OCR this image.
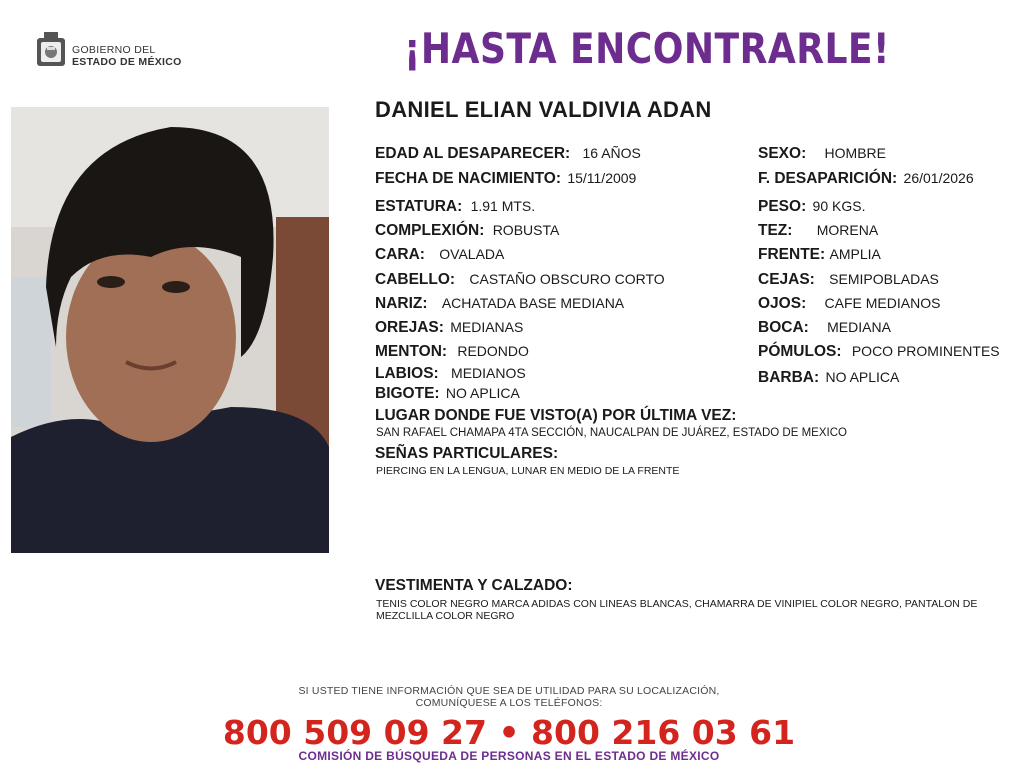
GOBIERNO DEL
ESTADO DE MÉXICO	¡HASTA ENCONTRARLE!
DANIEL ELIAN VALDIVIA ADAN
EDAD AL DESAPARECER: 16 AÑOS
FECHA DE NACIMIENTO: 15/11/2009
ESTATURA: 1.91 MTS.
COMPLEXIÓN: ROBUSTA
CARA: OVALADA
CABELLO: CASTAÑO OBSCURO CORTO
NARIZ: ACHATADA BASE MEDIANA
OREJAS: MEDIANAS
MENTON: REDONDO
LABIOS: MEDIANOS
BIGOTE: NO APLICA
SEXO: HOMBRE
F. DESAPARICIÓN: 26/01/2026
PESO: 90 KGS.
TEZ: MORENA
FRENTE: AMPLIA
CEJAS: SEMIPOBLADAS
OJOS: CAFE MEDIANOS
BOCA: MEDIANA
PÓMULOS: POCO PROMINENTES
BARBA: NO APLICA
LUGAR DONDE FUE VISTO(A) POR ÚLTIMA VEZ:
SAN RAFAEL CHAMAPA 4TA SECCIÓN, NAUCALPAN DE JUÁREZ, ESTADO DE MEXICO
SEÑAS PARTICULARES:
PIERCING EN LA LENGUA, LUNAR EN MEDIO DE LA FRENTE
VESTIMENTA Y CALZADO:
TENIS COLOR NEGRO MARCA ADIDAS CON LINEAS BLANCAS, CHAMARRA DE VINIPIEL COLOR NEGRO, PANTALON DE
MEZCLILLA COLOR NEGRO
SI USTED TIENE INFORMACIÓN QUE SEA DE UTILIDAD PARA SU LOCALIZACIÓN,
COMUNÍQUESE A LOS TELÉFONOS:
800 509 09 27 • 800 216 03 61
COMISIÓN DE BÚSQUEDA DE PERSONAS EN EL ESTADO DE MÉXICO
